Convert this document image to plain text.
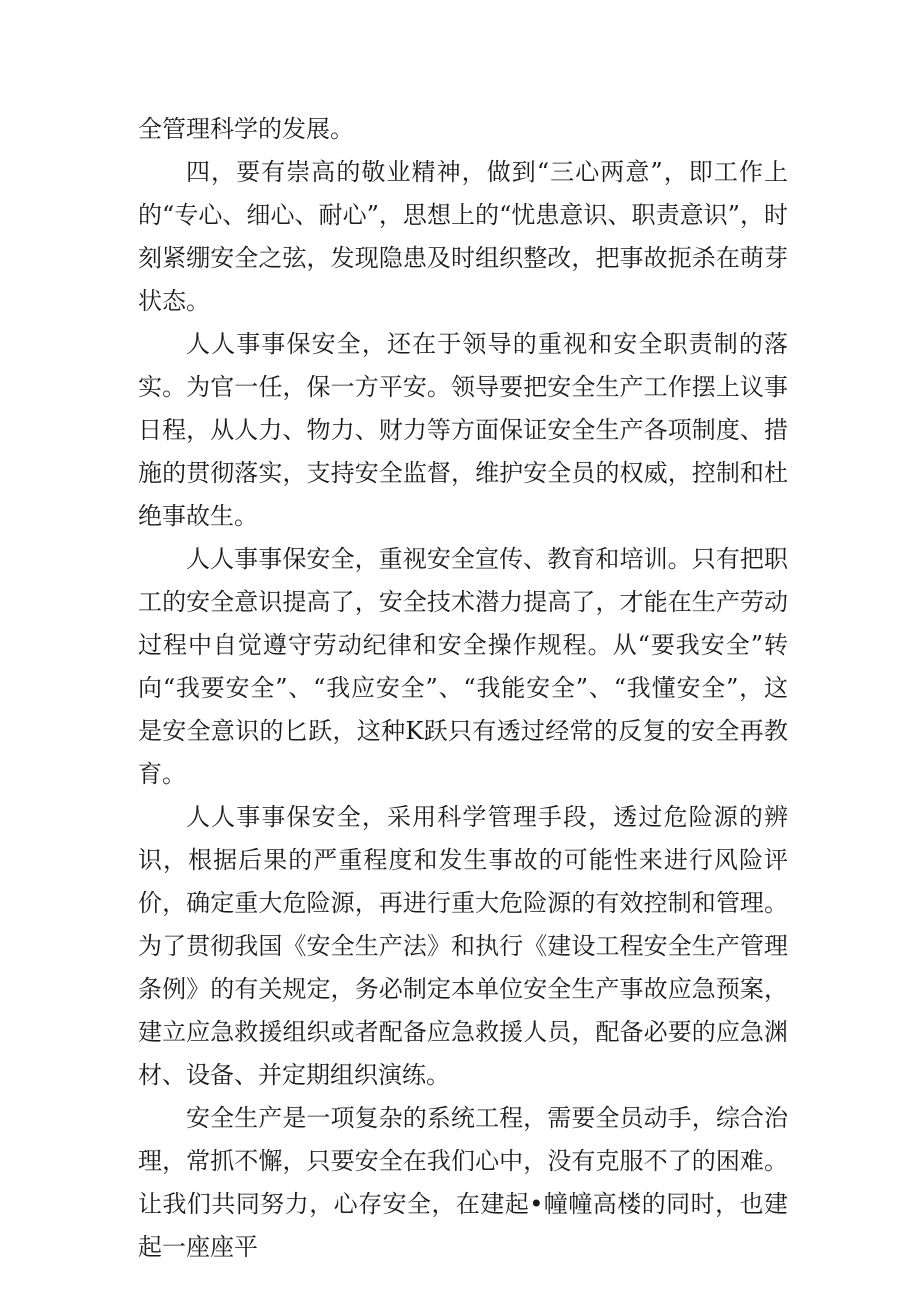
全管理科学的发展。

四，要有崇高的敬业精神，做到“三心两意”，即工作上的“专心、细心、耐心”，思想上的“忧患意识、职责意识”，时刻紧绷安全之弦，发现隐患及时组织整改，把事故扼杀在萌芽状态。

人人事事保安全，还在于领导的重视和安全职责制的落实。为官一任，保一方平安。领导要把安全生产工作摆上议事日程，从人力、物力、财力等方面保证安全生产各项制度、措施的贯彻落实，支持安全监督，维护安全员的权威，控制和杜绝事故生。

人人事事保安全，重视安全宣传、教育和培训。只有把职工的安全意识提高了，安全技术潜力提高了，才能在生产劳动过程中自觉遵守劳动纪律和安全操作规程。从“要我安全”转向“我要安全”、“我应安全”、“我能安全”、“我懂安全”，这是安全意识的匕跃，这种K跃只有透过经常的反复的安全再教育。

人人事事保安全，采用科学管理手段，透过危险源的辨识，根据后果的严重程度和发生事故的可能性来进行风险评价，确定重大危险源，再进行重大危险源的有效控制和管理。为了贯彻我国《安全生产法》和执行《建设工程安全生产管理条例》的有关规定，务必制定本单位安全生产事故应急预案，建立应急救援组织或者配备应急救援人员，配备必要的应急渊材、设备、并定期组织演练。

安全生产是一项复杂的系统工程，需要全员动手，综合治理，常抓不懈，只要安全在我们心中，没有克服不了的困难。让我们共同努力，心存安全，在建起•幢幢高楼的同时，也建起一座座平
